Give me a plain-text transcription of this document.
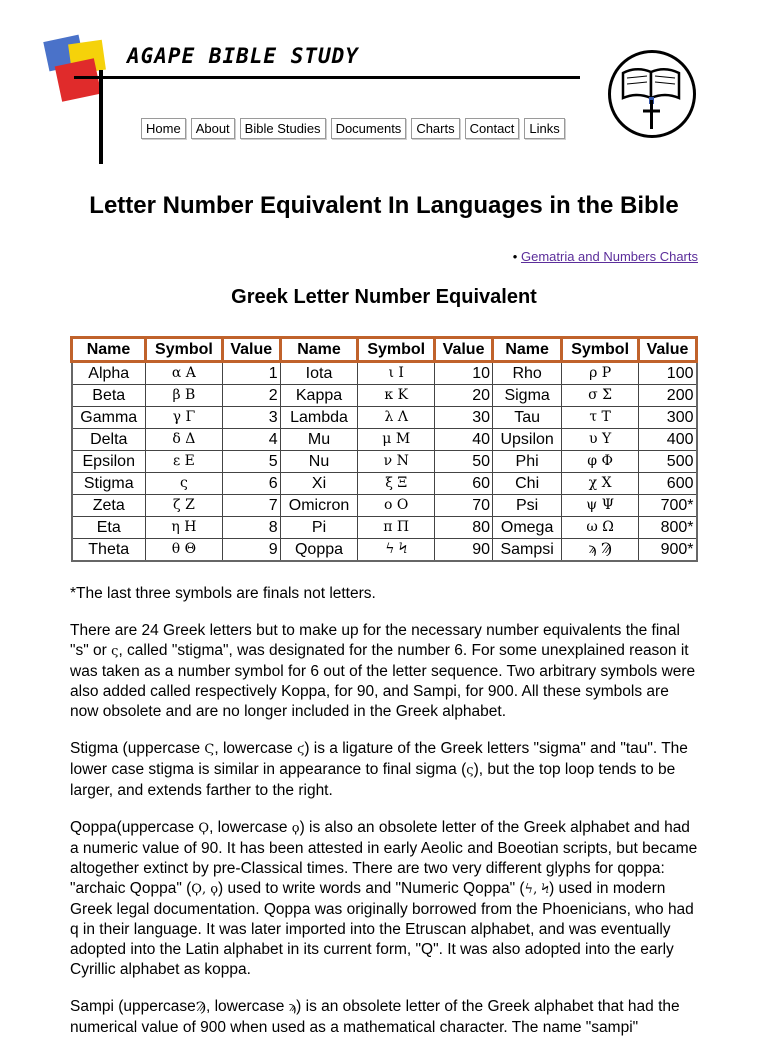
AGAPE BIBLE STUDY
Home	About	Bible Studies	Documents	Charts	Contact	Links
Letter Number Equivalent In Languages in the Bible
• Gematria and Numbers Charts
Greek Letter Number Equivalent
Name	Symbol	Value	Name	Symbol	Value	Name	Symbol	Value
Alpha	α Α	1	Iota	ι Ι	10	Rho	ρ Ρ	100
Beta	β Β	2	Kappa	κ Κ	20	Sigma	σ Σ	200
Gamma	γ Γ	3	Lambda	λ Λ	30	Tau	τ Τ	300
Delta	δ Δ	4	Mu	μ Μ	40	Upsilon	υ Υ	400
Epsilon	ε Ε	5	Nu	ν Ν	50	Phi	φ Φ	500
Stigma	ς	6	Xi	ξ Ξ	60	Chi	χ Χ	600
Zeta	ζ Ζ	7	Omicron	ο Ο	70	Psi	ψ Ψ	700*
Eta	η Η	8	Pi	π Π	80	Omega	ω Ω	800*
Theta	θ Θ	9	Qoppa	ϟ Ϟ	90	Sampsi	ϡ Ϡ	900*

*The last three symbols are finals not letters.

There are 24 Greek letters but to make up for the necessary number equivalents the final "s" or ς, called "stigma", was designated for the number 6. For some unexplained reason it was taken as a number symbol for 6 out of the letter sequence. Two arbitrary symbols were also added called respectively Koppa, for 90, and Sampi, for 900. All these symbols are now obsolete and are no longer included in the Greek alphabet.

Stigma (uppercase Ϛ, lowercase ϛ) is a ligature of the Greek letters "sigma" and "tau". The lower case stigma is similar in appearance to final sigma (ς), but the top loop tends to be larger, and extends farther to the right.

Qoppa(uppercase Ϙ, lowercase ϙ) is also an obsolete letter of the Greek alphabet and had a numeric value of 90. It has been attested in early Aeolic and Boeotian scripts, but became altogether extinct by pre-Classical times. There are two very different glyphs for qoppa: "archaic Qoppa" (Ϙ, ϙ) used to write words and "Numeric Qoppa" (ϟ, Ϟ) used in modern Greek legal documentation. Qoppa was originally borrowed from the Phoenicians, who had q in their language. It was later imported into the Etruscan alphabet, and was eventually adopted into the Latin alphabet in its current form, "Q". It was also adopted into the early Cyrillic alphabet as koppa.

Sampi (uppercaseϠ, lowercase ϡ) is an obsolete letter of the Greek alphabet that had the numerical value of 900 when used as a mathematical character. The name "sampi"
